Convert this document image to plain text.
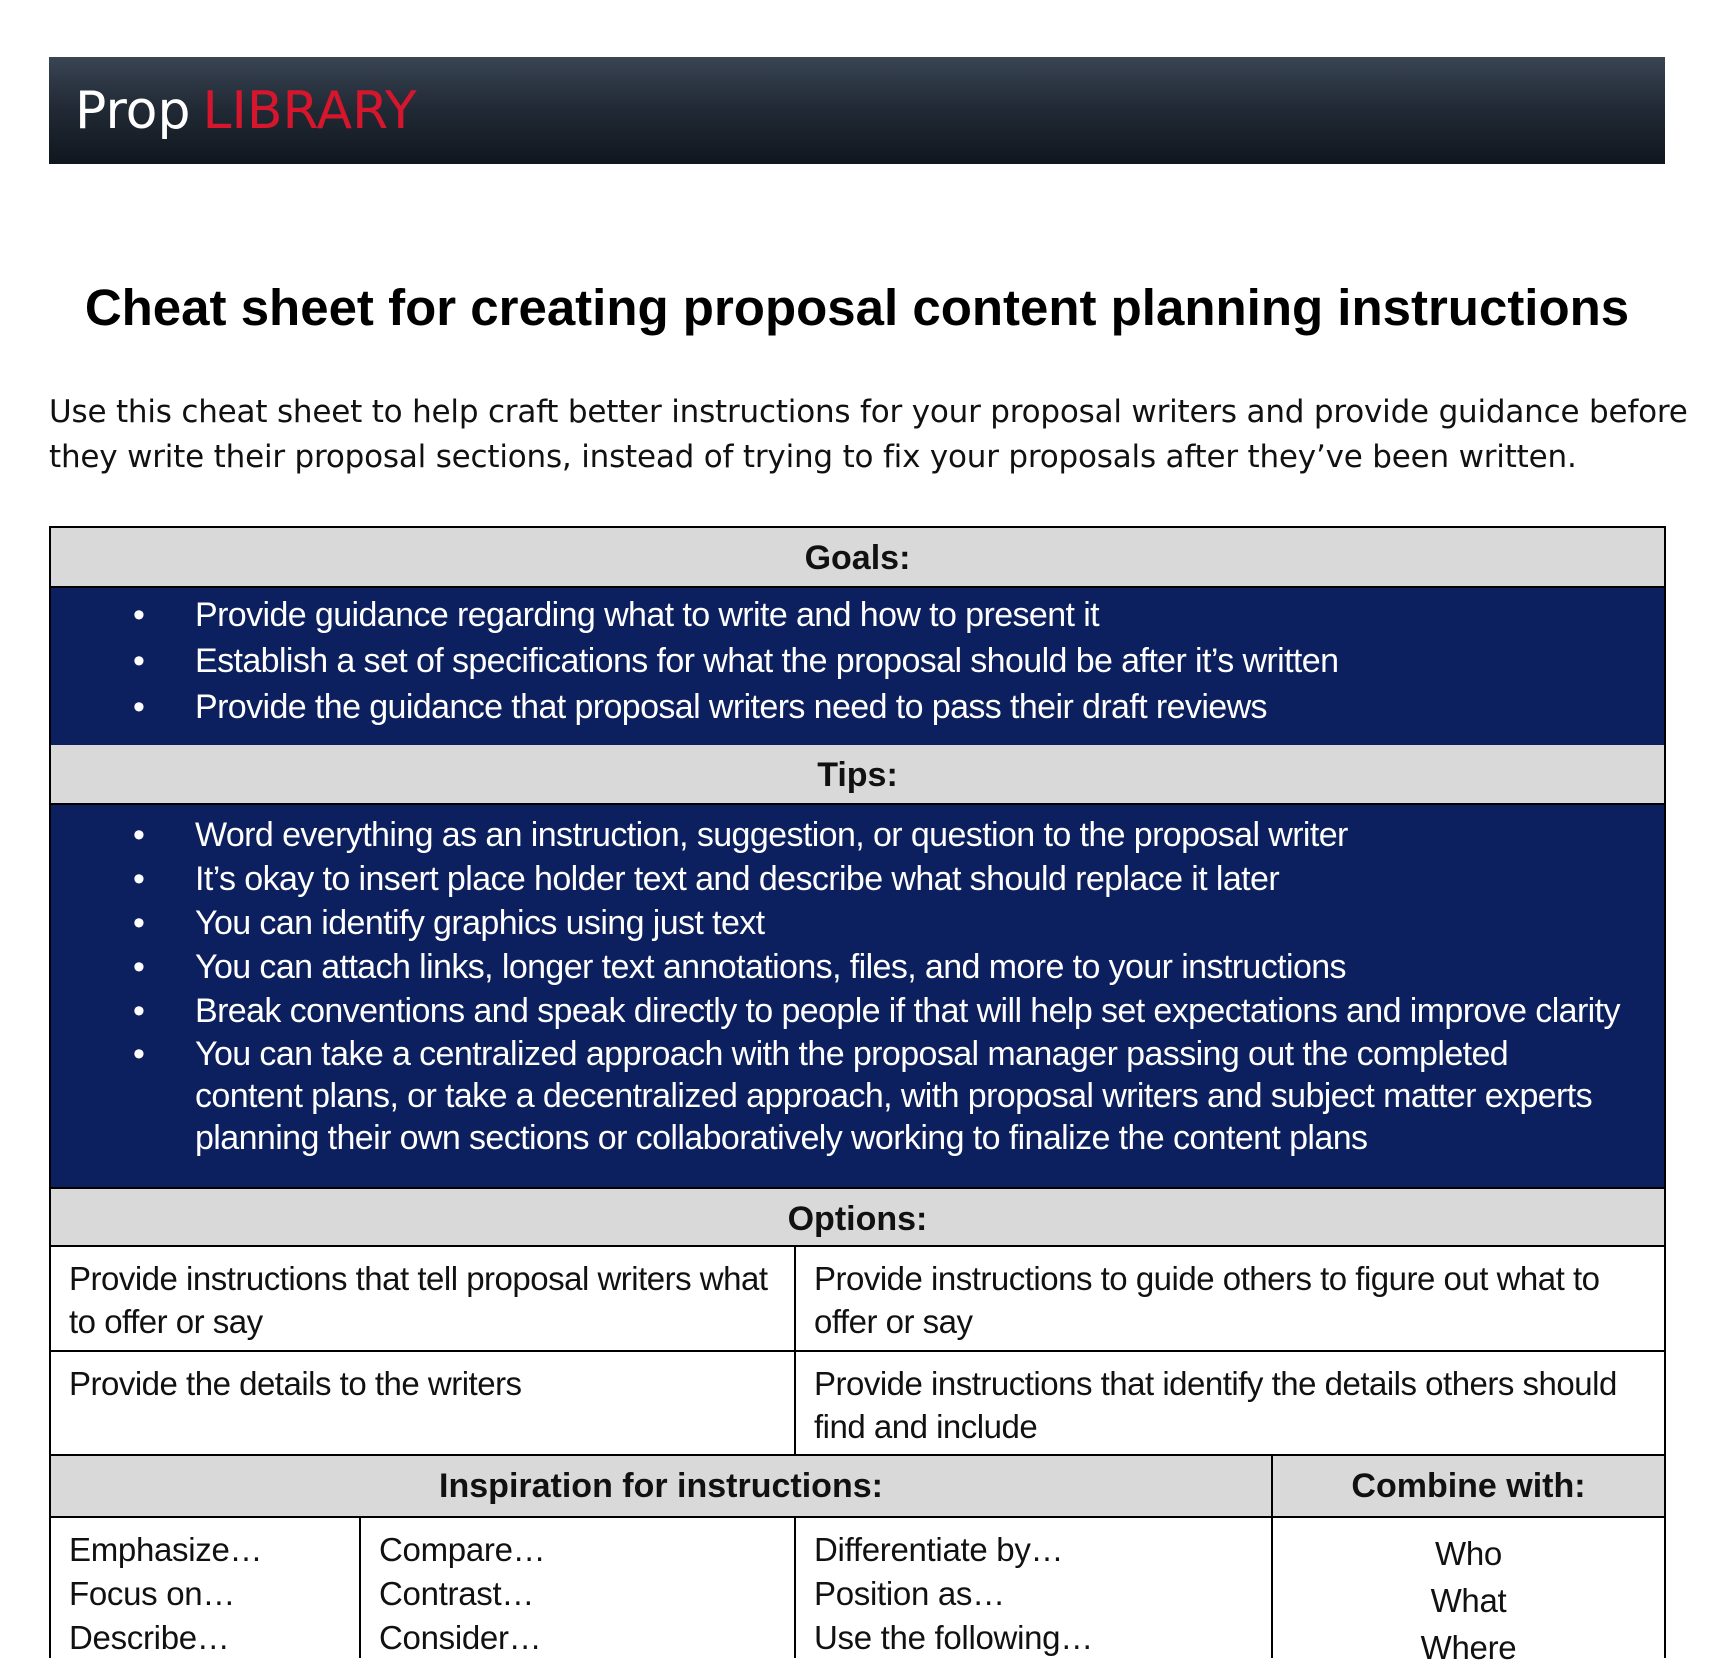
Prop LIBRARY
Cheat sheet for creating proposal content planning instructions
Use this cheat sheet to help craft better instructions for your proposal writers and provide guidance before they write their proposal sections, instead of trying to fix your proposals after they’ve been written.
Goals:
• Provide guidance regarding what to write and how to present it
• Establish a set of specifications for what the proposal should be after it’s written
• Provide the guidance that proposal writers need to pass their draft reviews
Tips:
• Word everything as an instruction, suggestion, or question to the proposal writer
• It’s okay to insert place holder text and describe what should replace it later
• You can identify graphics using just text
• You can attach links, longer text annotations, files, and more to your instructions
• Break conventions and speak directly to people if that will help set expectations and improve clarity
• You can take a centralized approach with the proposal manager passing out the completed content plans, or take a decentralized approach, with proposal writers and subject matter experts planning their own sections or collaboratively working to finalize the content plans
Options:
Provide instructions that tell proposal writers what to offer or say
Provide instructions to guide others to figure out what to offer or say
Provide the details to the writers	Provide instructions that identify the details others should find and include
Inspiration for instructions:	Combine with:
Emphasize…
Focus on…
Describe…
Compare…
Contrast…
Consider…
Differentiate by…
Position as…
Use the following…
Who
What
Where
